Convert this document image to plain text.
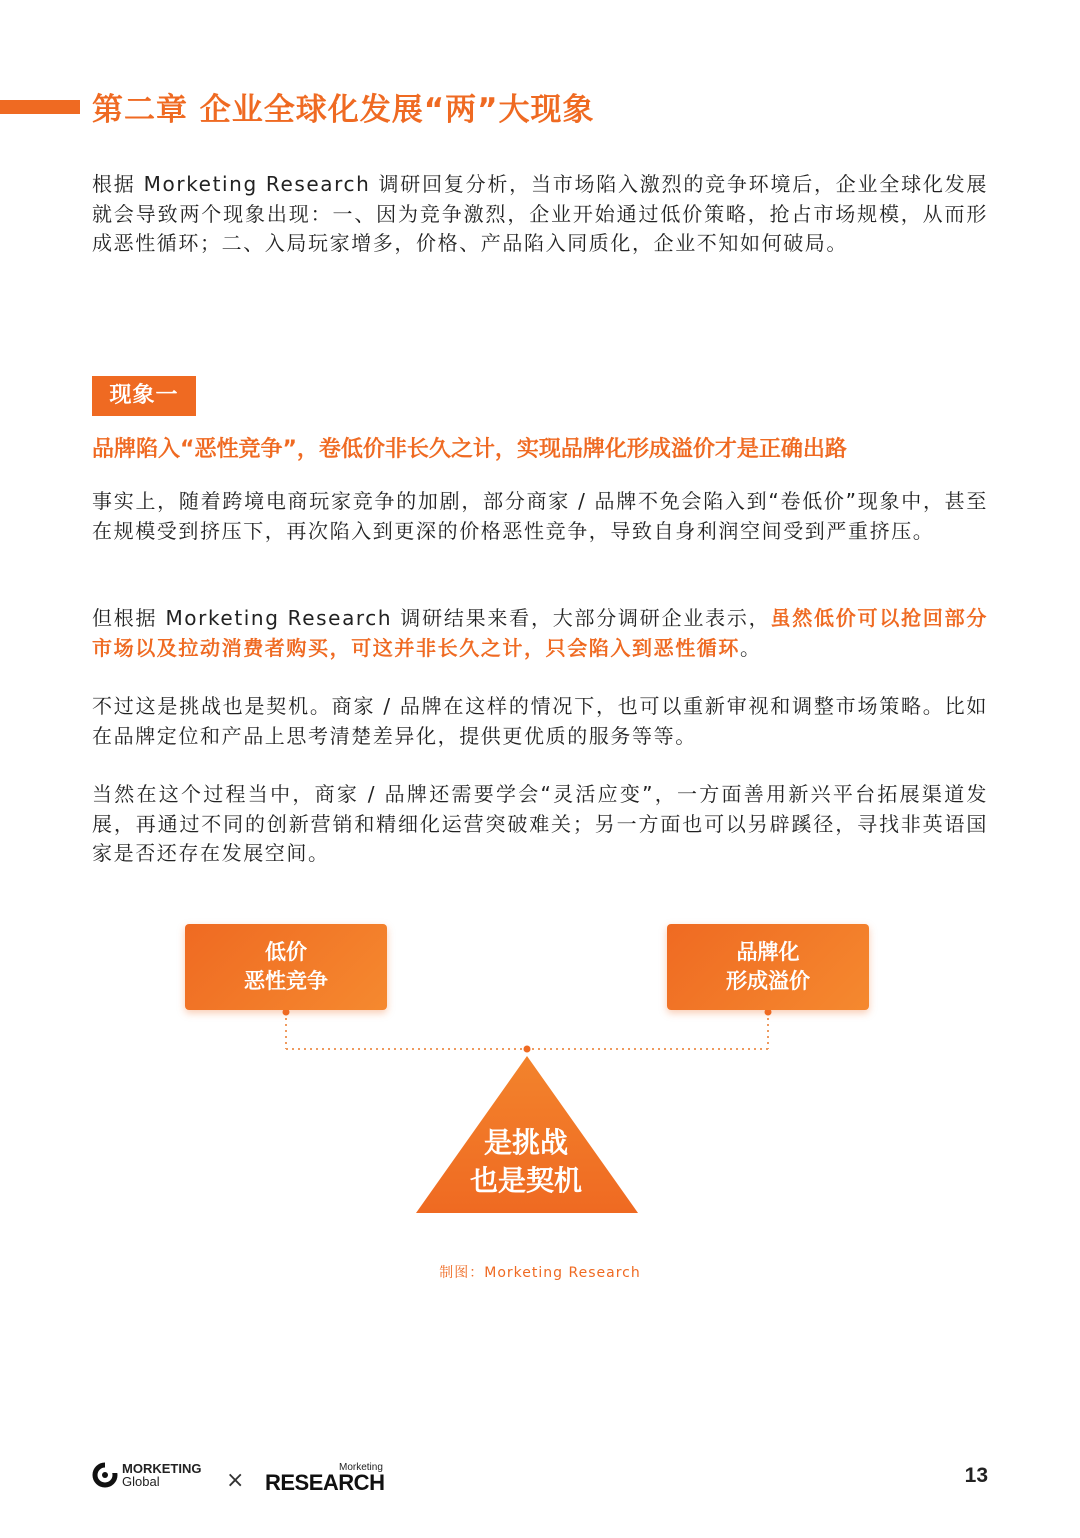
第二章 企业全球化发展“两”大现象

根据 Morketing Research 调研回复分析，当市场陷入激烈的竞争环境后，企业全球化发展就会导致两个现象出现：一、因为竞争激烈，企业开始通过低价策略，抢占市场规模，从而形成恶性循环；二、入局玩家增多，价格、产品陷入同质化，企业不知如何破局。

现象一
品牌陷入“恶性竞争”，卷低价非长久之计，实现品牌化形成溢价才是正确出路

事实上，随着跨境电商玩家竞争的加剧，部分商家 / 品牌不免会陷入到“卷低价”现象中，甚至在规模受到挤压下，再次陷入到更深的价格恶性竞争，导致自身利润空间受到严重挤压。

但根据 Morketing Research 调研结果来看，大部分调研企业表示，虽然低价可以抢回部分市场以及拉动消费者购买，可这并非长久之计，只会陷入到恶性循环。

不过这是挑战也是契机。商家 / 品牌在这样的情况下，也可以重新审视和调整市场策略。比如在品牌定位和产品上思考清楚差异化，提供更优质的服务等等。

当然在这个过程当中，商家 / 品牌还需要学会“灵活应变”，一方面善用新兴平台拓展渠道发展，再通过不同的创新营销和精细化运营突破难关；另一方面也可以另辟蹊径，寻找非英语国家是否还存在发展空间。

低价
恶性竞争
品牌化
形成溢价
是挑战
也是契机
制图：Morketing Research
MORKETING
Global	×
Morketing
RESEARCH	13
